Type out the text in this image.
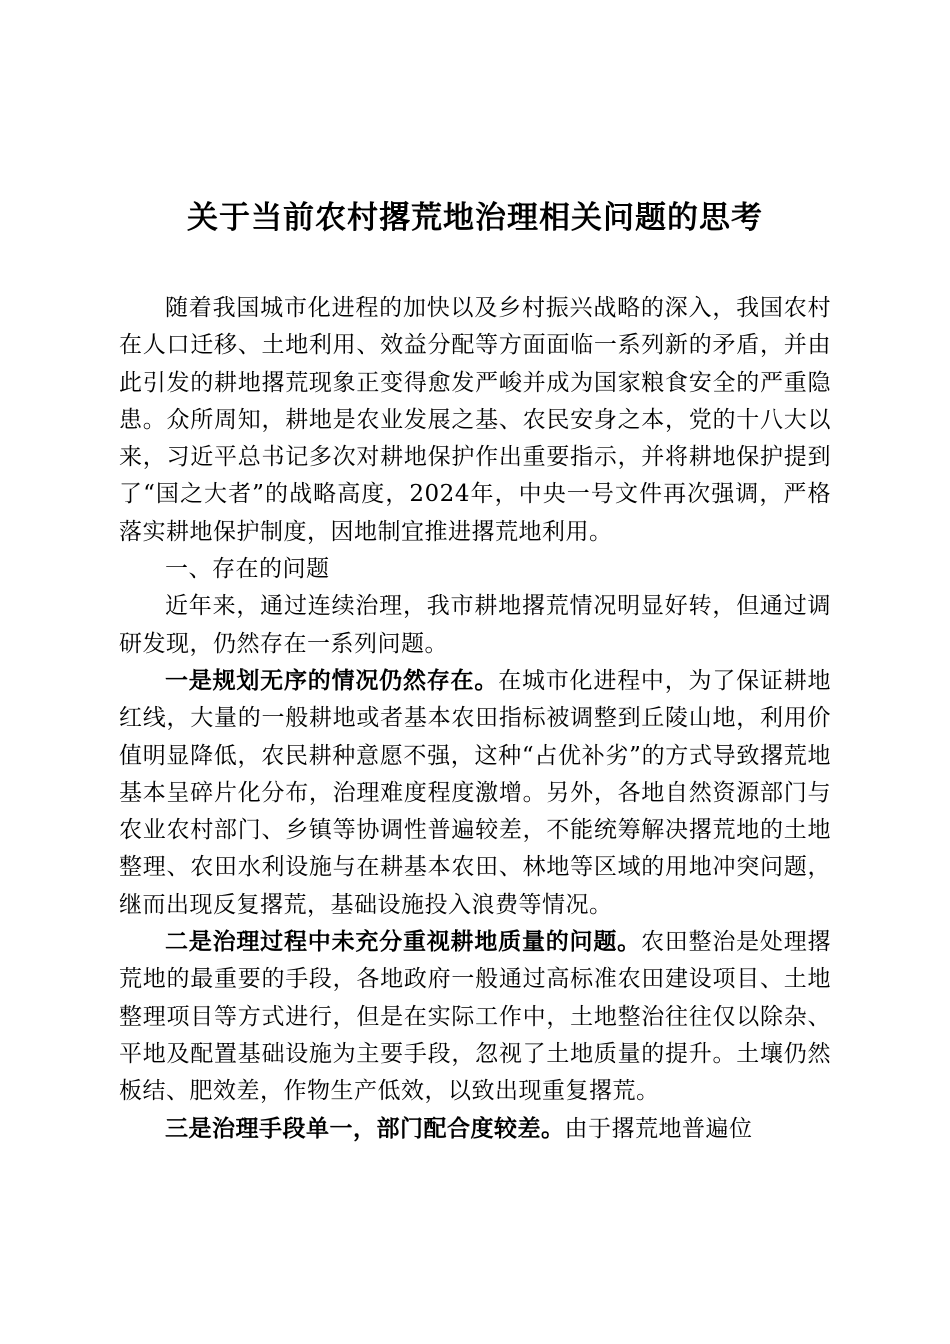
关于当前农村撂荒地治理相关问题的思考

随着我国城市化进程的加快以及乡村振兴战略的深入，我国农村在人口迁移、土地利用、效益分配等方面面临一系列新的矛盾，并由此引发的耕地撂荒现象正变得愈发严峻并成为国家粮食安全的严重隐患。众所周知，耕地是农业发展之基、农民安身之本，党的十八大以来，习近平总书记多次对耕地保护作出重要指示，并将耕地保护提到了“国之大者”的战略高度，2024年，中央一号文件再次强调，严格落实耕地保护制度，因地制宜推进撂荒地利用。

一、存在的问题

近年来，通过连续治理，我市耕地撂荒情况明显好转，但通过调研发现，仍然存在一系列问题。

一是规划无序的情况仍然存在。在城市化进程中，为了保证耕地红线，大量的一般耕地或者基本农田指标被调整到丘陵山地，利用价值明显降低，农民耕种意愿不强，这种“占优补劣”的方式导致撂荒地基本呈碎片化分布，治理难度程度激增。另外，各地自然资源部门与农业农村部门、乡镇等协调性普遍较差，不能统筹解决撂荒地的土地整理、农田水利设施与在耕基本农田、林地等区域的用地冲突问题，继而出现反复撂荒，基础设施投入浪费等情况。

二是治理过程中未充分重视耕地质量的问题。农田整治是处理撂荒地的最重要的手段，各地政府一般通过高标准农田建设项目、土地整理项目等方式进行，但是在实际工作中，土地整治往往仅以除杂、平地及配置基础设施为主要手段，忽视了土地质量的提升。土壤仍然板结、肥效差，作物生产低效，以致出现重复撂荒。

三是治理手段单一，部门配合度较差。由于撂荒地普遍位
